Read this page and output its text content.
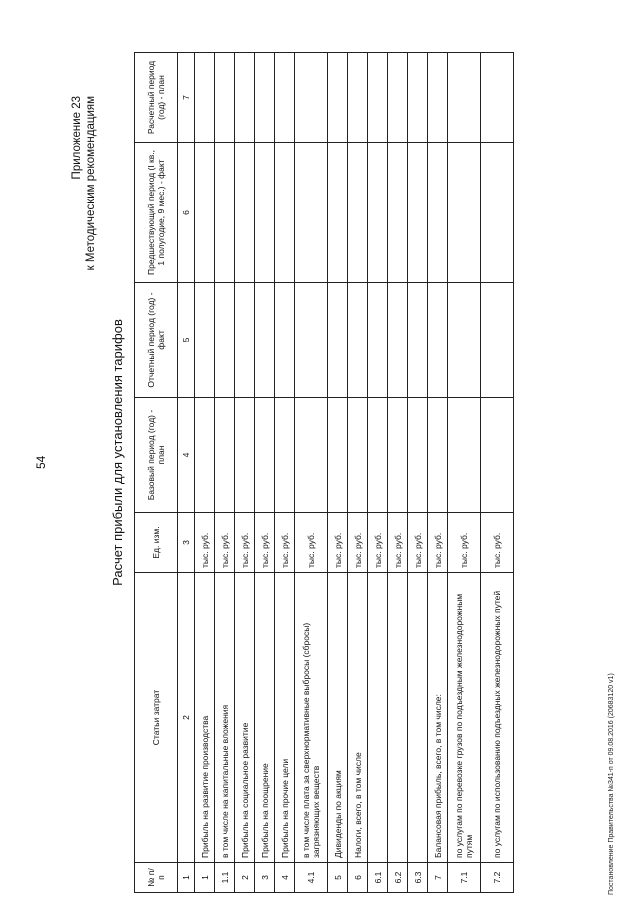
54
Приложение 23 к Методическим рекомендациям
Расчет прибыли для установления тарифов
№ п/п	Статьи затрат	Ед. изм.	Базовый период (год) - план	Отчетный период (год) - факт	Предшествующий период (I кв., 1 полугодие, 9 мес.) - факт	Расчетный период (год) - план
1	2	3	4	5	6	7
1	Прибыль на развитие производства	тыс. руб.				
1.1	в том числе на капитальные вложения	тыс. руб.				
2	Прибыль на социальное развитие	тыс. руб.				
3	Прибыль на поощрение	тыс. руб.				
4	Прибыль на прочие цели	тыс. руб.				
4.1	в том числе плата за сверхнормативные выбросы (сбросы) загрязняющих веществ	тыс. руб.				
5	Дивиденды по акциям	тыс. руб.				
6	Налоги, всего, в том числе	тыс. руб.				
6.1		тыс. руб.				
6.2		тыс. руб.				
6.3		тыс. руб.				
7	Балансовая прибыль, всего, в том числе:	тыс. руб.				
7.1	по услугам по перевозке грузов по подъездным железнодорожным путям	тыс. руб.				
7.2	по услугам по использованию подъездных железнодорожных путей	тыс. руб.				
Постановление Правительства №341-п от 09.08.2016 (20683120 v1)
